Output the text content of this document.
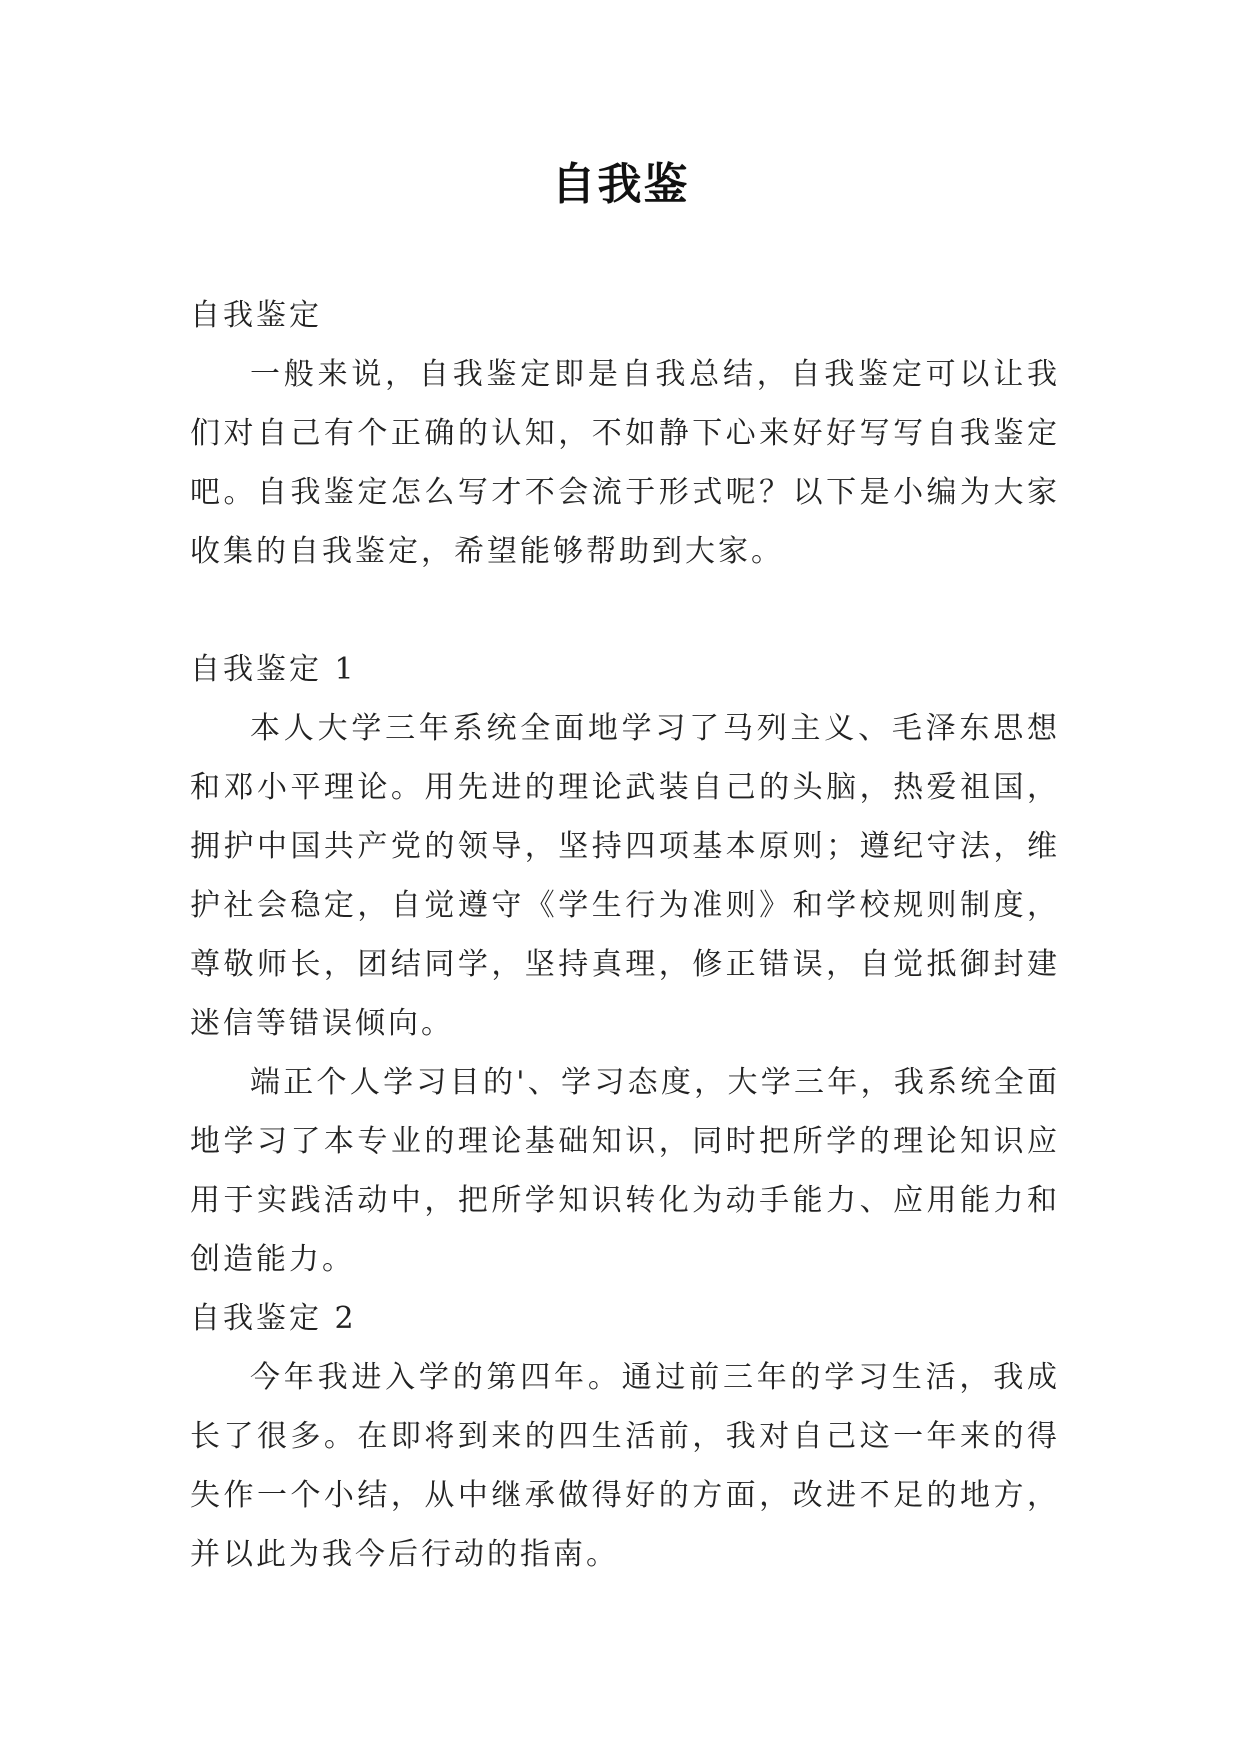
自我鉴
自我鉴定

一般来说，自我鉴定即是自我总结，自我鉴定可以让我们对自己有个正确的认知，不如静下心来好好写写自我鉴定吧。自我鉴定怎么写才不会流于形式呢？以下是小编为大家收集的自我鉴定，希望能够帮助到大家。

自我鉴定 1

本人大学三年系统全面地学习了马列主义、毛泽东思想和邓小平理论。用先进的理论武装自己的头脑，热爱祖国，拥护中国共产党的领导，坚持四项基本原则；遵纪守法，维护社会稳定，自觉遵守《学生行为准则》和学校规则制度，尊敬师长，团结同学，坚持真理，修正错误，自觉抵御封建迷信等错误倾向。

端正个人学习目的'、学习态度，大学三年，我系统全面地学习了本专业的理论基础知识，同时把所学的理论知识应用于实践活动中，把所学知识转化为动手能力、应用能力和创造能力。

自我鉴定 2

今年我进入学的第四年。通过前三年的学习生活，我成长了很多。在即将到来的四生活前，我对自己这一年来的得失作一个小结，从中继承做得好的方面，改进不足的地方，并以此为我今后行动的指南。
